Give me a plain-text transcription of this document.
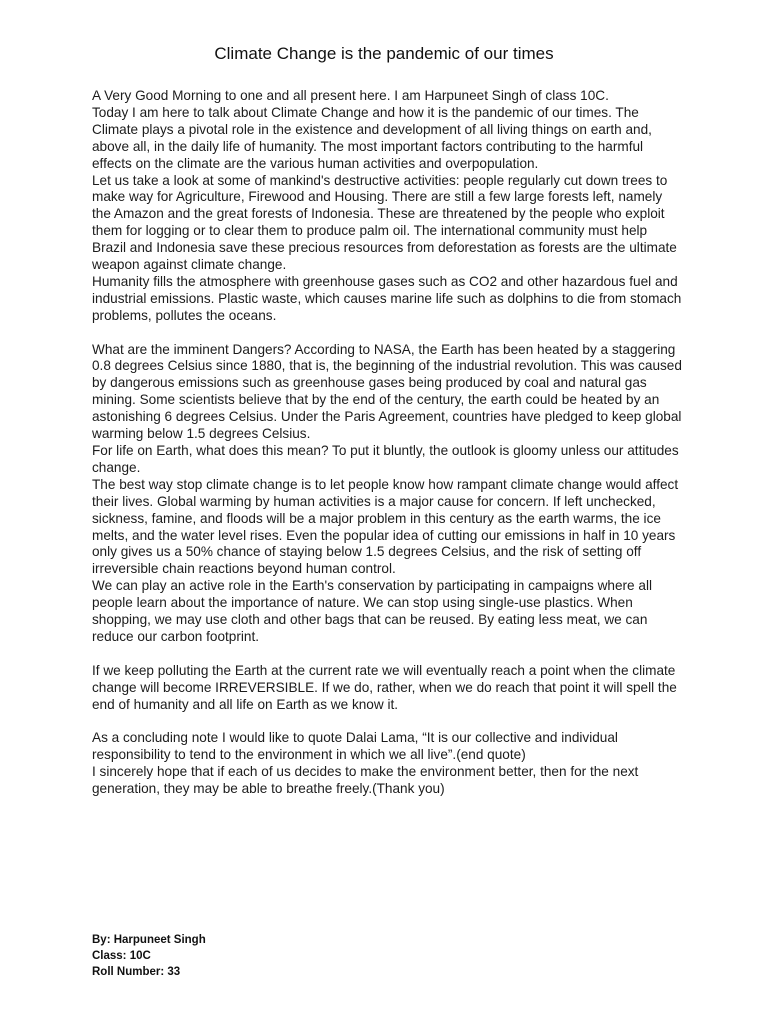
Climate Change is the pandemic of our times

A Very Good Morning to one and all present here. I am Harpuneet Singh of class 10C.

Today I am here to talk about Climate Change and how it is the pandemic of our times. The Climate plays a pivotal role in the existence and development of all living things on earth and, above all, in the daily life of humanity. The most important factors contributing to the harmful effects on the climate are the various human activities and overpopulation.

Let us take a look at some of mankind's destructive activities: people regularly cut down trees to make way for Agriculture, Firewood and Housing. There are still a few large forests left, namely the Amazon and the great forests of Indonesia. These are threatened by the people who exploit them for logging or to clear them to produce palm oil. The international community must help Brazil and Indonesia save these precious resources from deforestation as forests are the ultimate weapon against climate change.

Humanity fills the atmosphere with greenhouse gases such as CO2 and other hazardous fuel and industrial emissions. Plastic waste, which causes marine life such as dolphins to die from stomach problems, pollutes the oceans.

What are the imminent Dangers? According to NASA, the Earth has been heated by a staggering 0.8 degrees Celsius since 1880, that is, the beginning of the industrial revolution. This was caused by dangerous emissions such as greenhouse gases being produced by coal and natural gas mining. Some scientists believe that by the end of the century, the earth could be heated by an astonishing 6 degrees Celsius. Under the Paris Agreement, countries have pledged to keep global warming below 1.5 degrees Celsius.

For life on Earth, what does this mean? To put it bluntly, the outlook is gloomy unless our attitudes change.

The best way stop climate change is to let people know how rampant climate change would affect their lives. Global warming by human activities is a major cause for concern. If left unchecked, sickness, famine, and floods will be a major problem in this century as the earth warms, the ice melts, and the water level rises. Even the popular idea of cutting our emissions in half in 10 years only gives us a 50% chance of staying below 1.5 degrees Celsius, and the risk of setting off irreversible chain reactions beyond human control.

We can play an active role in the Earth's conservation by participating in campaigns where all people learn about the importance of nature. We can stop using single-use plastics. When shopping, we may use cloth and other bags that can be reused. By eating less meat, we can reduce our carbon footprint.

If we keep polluting the Earth at the current rate we will eventually reach a point when the climate change will become IRREVERSIBLE. If we do, rather, when we do reach that point it will spell the end of humanity and all life on Earth as we know it.

As a concluding note I would like to quote Dalai Lama, “It is our collective and individual responsibility to tend to the environment in which we all live”.(end quote)

I sincerely hope that if each of us decides to make the environment better, then for the next generation, they may be able to breathe freely.(Thank you)

By: Harpuneet Singh
Class: 10C
Roll Number: 33
